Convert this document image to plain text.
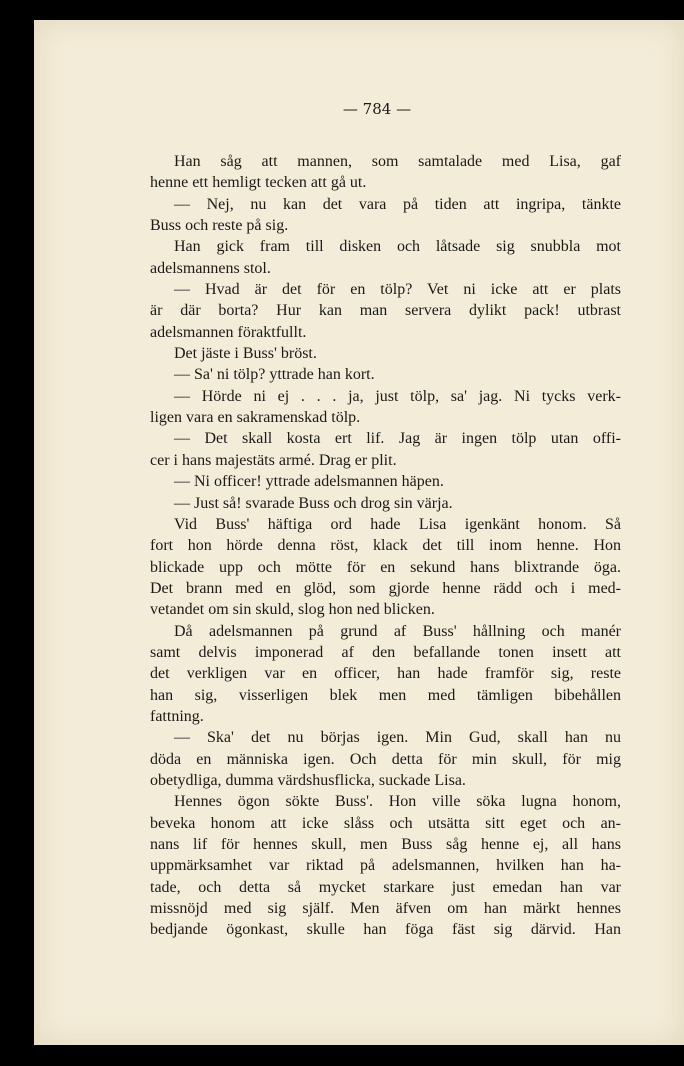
— 784 —
Han såg att mannen, som samtalade med Lisa, gaf
henne ett hemligt tecken att gå ut.
— Nej, nu kan det vara på tiden att ingripa, tänkte
Buss och reste på sig.
Han gick fram till disken och låtsade sig snubbla mot
adelsmannens stol.
— Hvad är det för en tölp? Vet ni icke att er plats
är där borta? Hur kan man servera dylikt pack! utbrast
adelsmannen föraktfullt.
Det jäste i Buss' bröst.
— Sa' ni tölp? yttrade han kort.
— Hörde ni ej . . . ja, just tölp, sa' jag. Ni tycks verk-
ligen vara en sakramenskad tölp.
— Det skall kosta ert lif. Jag är ingen tölp utan offi-
cer i hans majestäts armé. Drag er plit.
— Ni officer! yttrade adelsmannen häpen.
— Just så! svarade Buss och drog sin värja.
Vid Buss' häftiga ord hade Lisa igenkänt honom. Så
fort hon hörde denna röst, klack det till inom henne. Hon
blickade upp och mötte för en sekund hans blixtrande öga.
Det brann med en glöd, som gjorde henne rädd och i med-
vetandet om sin skuld, slog hon ned blicken.
Då adelsmannen på grund af Buss' hållning och manér
samt delvis imponerad af den befallande tonen insett att
det verkligen var en officer, han hade framför sig, reste
han sig, visserligen blek men med tämligen bibehållen
fattning.
— Ska' det nu börjas igen. Min Gud, skall han nu
döda en människa igen. Och detta för min skull, för mig
obetydliga, dumma värdshusflicka, suckade Lisa.
Hennes ögon sökte Buss'. Hon ville söka lugna honom,
beveka honom att icke slåss och utsätta sitt eget och an-
nans lif för hennes skull, men Buss såg henne ej, all hans
uppmärksamhet var riktad på adelsmannen, hvilken han ha-
tade, och detta så mycket starkare just emedan han var
missnöjd med sig själf. Men äfven om han märkt hennes
bedjande ögonkast, skulle han föga fäst sig därvid. Han
